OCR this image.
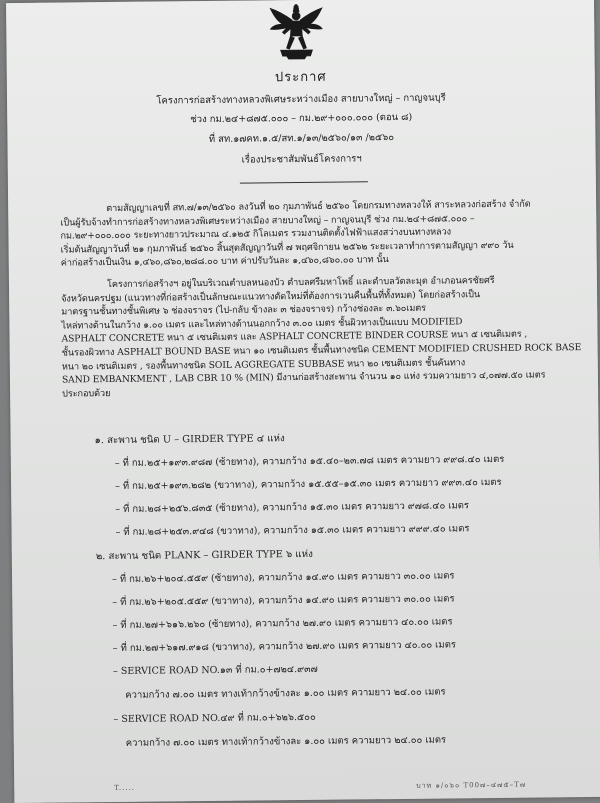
ประกาศ
โครงการก่อสร้างทางหลวงพิเศษระหว่างเมือง สายบางใหญ่ – กาญจนบุรี
ช่วง กม.๒๔+๘๗๕.๐๐๐ – กม.๒๙+๐๐๐.๐๐๐ (ตอน ๘)
ที่ สท.๑๗คท.๑.๕/สท.๑/๑๓/๒๕๖๐/๑๓ /๒๕๖๐
เรื่องประชาสัมพันธ์โครงการฯ
ตามสัญญาเลขที่ สท.๗/๑๓/๒๕๖๐ ลงวันที่ ๒๐ กุมภาพันธ์ ๒๕๖๐ โดยกรมทางหลวงให้ สาระหลวงก่อสร้าง จำกัด
เป็นผู้รับจ้างทำการก่อสร้างทางหลวงพิเศษระหว่างเมือง สายบางใหญ่ – กาญจนบุรี ช่วง กม.๒๔+๘๗๕.๐๐๐ –
กม.๒๙+๐๐๐.๐๐๐ ระยะทางยาวประมาณ ๔.๑๒๕ กิโลเมตร รวมงานติดตั้งไฟฟ้าแสงสว่างบนทางหลวง
เริ่มต้นสัญญาวันที่ ๒๑ กุมภาพันธ์ ๒๕๖๐ สิ้นสุดสัญญาวันที่ ๗ พฤศจิกายน ๒๕๖๒ ระยะเวลาทำการตามสัญญา ๙๙๐ วัน
ค่าก่อสร้างเป็นเงิน ๑,๔๖๐,๘๖๐,๒๘๘.๐๐ บาท ค่าปรับวันละ ๑,๔๖๐,๘๖๐.๐๐ บาท นั้น
โครงการก่อสร้างฯ อยู่ในบริเวณตำบลหนองบัว ตำบลศรีมหาโพธิ์ และตำบลวัดละมุด อำเภอนครชัยศรี
จังหวัดนครปฐม (แนวทางที่ก่อสร้างเป็นลักษณะแนวทางตัดใหม่ที่ต้องการเวนคืนพื้นที่ทั้งหมด) โดยก่อสร้างเป็น
มาตรฐานชั้นทางชั้นพิเศษ ๖ ช่องจราจร (ไป-กลับ ข้างละ ๓ ช่องจราจร) กว้างช่องละ ๓.๖๐เมตร
ไหล่ทางด้านในกว้าง ๑.๐๐ เมตร และไหล่ทางด้านนอกกว้าง ๓.๐๐ เมตร ชั้นผิวทางเป็นแบบ MODIFIED
ASPHALT CONCRETE หนา ๕ เซนติเมตร และ ASPHALT CONCRETE BINDER COURSE หนา ๕ เซนติเมตร ,
ชั้นรองผิวทาง ASPHALT BOUND BASE หนา ๑๐ เซนติเมตร ชั้นพื้นทางชนิด CEMENT MODIFIED CRUSHED ROCK BASE
หนา ๒๐ เซนติเมตร , รองพื้นทางชนิด SOIL AGGREGATE SUBBASE หนา ๒๐ เซนติเมตร ชั้นคันทาง
SAND EMBANKMENT , LAB CBR 10 % (MIN) มีงานก่อสร้างสะพาน จำนวน ๑๐ แห่ง รวมความยาว ๔,๐๗๗.๕๐ เมตร
ประกอบด้วย
๑. สะพาน ชนิด U – GIRDER TYPE ๔ แห่ง
– ที่ กม.๒๕+๑๙๓.๙๘๗ (ซ้ายทาง), ความกว้าง ๑๕.๔๐–๒๓.๗๘ เมตร ความยาว ๙๙๘.๔๐ เมตร
– ที่ กม.๒๕+๑๙๓.๒๘๒ (ขวาทาง), ความกว้าง ๑๕.๕๕–๑๕.๓๐ เมตร ความยาว ๙๙๓.๔๐ เมตร
– ที่ กม.๒๘+๒๕๖.๘๓๕ (ซ้ายทาง), ความกว้าง ๑๕.๓๐ เมตร ความยาว ๙๗๘.๔๐ เมตร
– ที่ กม.๒๘+๒๕๓.๙๔๘ (ขวาทาง), ความกว้าง ๑๕.๓๐ เมตร ความยาว ๙๙๙.๔๐ เมตร
๒. สะพาน ชนิด PLANK – GIRDER TYPE ๖ แห่ง
– ที่ กม.๒๖+๒๐๔.๕๕๙ (ซ้ายทาง), ความกว้าง ๑๔.๙๐ เมตร ความยาว ๓๐.๐๐ เมตร
– ที่ กม.๒๖+๒๐๕.๕๕๙ (ขวาทาง), ความกว้าง ๑๔.๙๐ เมตร ความยาว ๓๐.๐๐ เมตร
– ที่ กม.๒๗+๖๑๖.๒๖๐ (ซ้ายทาง), ความกว้าง ๒๗.๙๐ เมตร ความยาว ๔๐.๐๐ เมตร
– ที่ กม.๒๗+๖๑๗.๙๑๘ (ขวาทาง), ความกว้าง ๒๗.๙๐ เมตร ความยาว ๔๐.๐๐ เมตร
– SERVICE ROAD NO.๑๓ ที่ กม.๐+๗๒๔.๙๓๗
ความกว้าง ๗.๐๐ เมตร ทางเท้ากว้างข้างละ ๑.๐๐ เมตร ความยาว ๒๔.๐๐ เมตร
– SERVICE ROAD NO.๔๙ ที่ กม.๐+๖๒๖.๕๐๐
ความกว้าง ๗.๐๐ เมตร ทางเท้ากว้างข้างละ ๑.๐๐ เมตร ความยาว ๒๔.๐๐ เมตร
T.....	บาท ๑/๐๖๐ T00๗–๔๗๕–T๗
